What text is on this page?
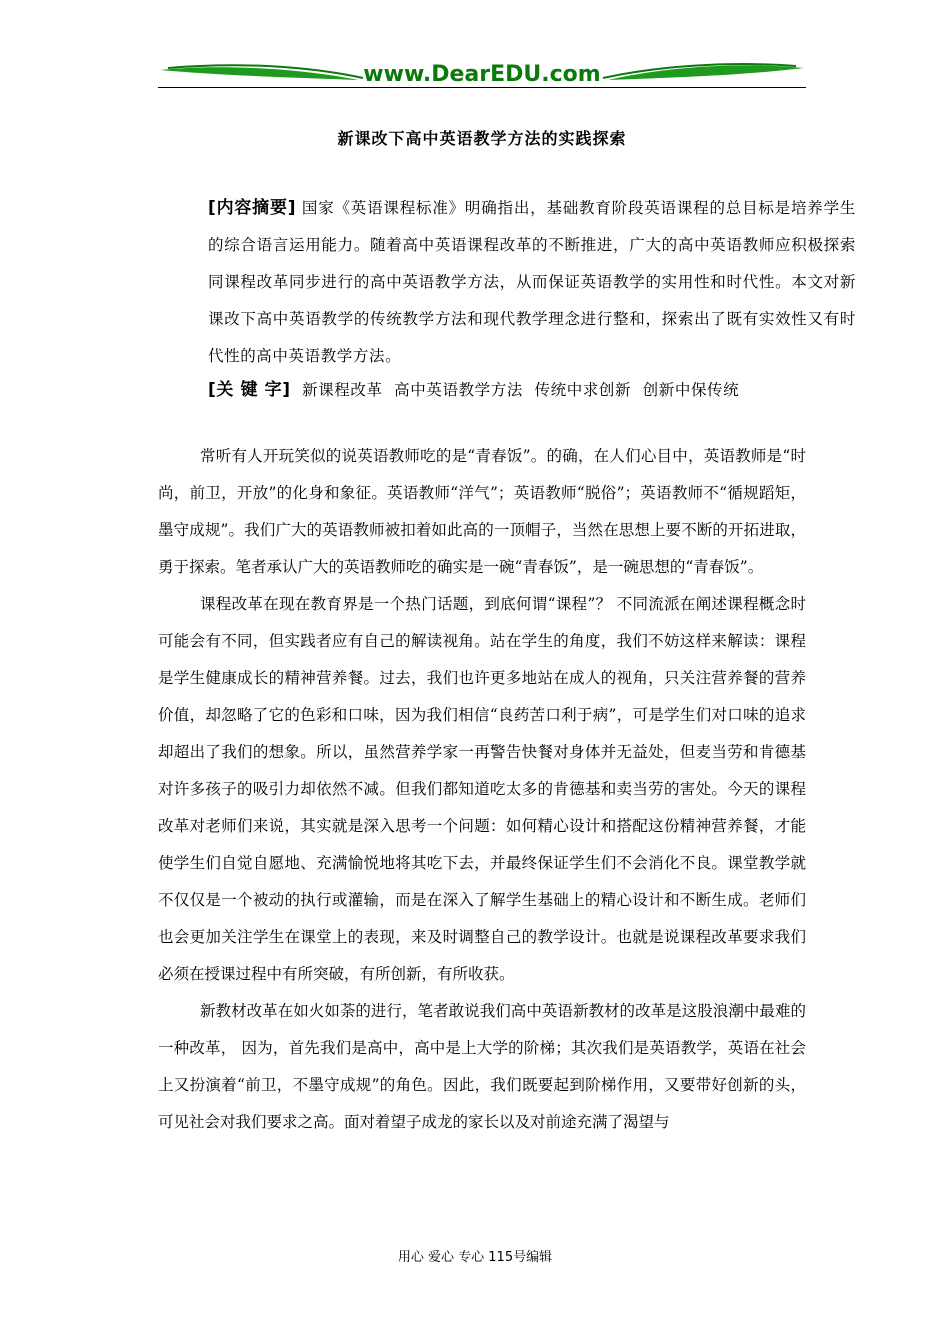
www.DearEDU.com
新课改下高中英语教学方法的实践探索
[内容摘要] 国家《英语课程标准》明确指出，基础教育阶段英语课程的总目标是培养学生的综合语言运用能力。随着高中英语课程改革的不断推进，广大的高中英语教师应积极探索同课程改革同步进行的高中英语教学方法，从而保证英语教学的实用性和时代性。本文对新课改下高中英语教学的传统教学方法和现代教学理念进行整和，探索出了既有实效性又有时代性的高中英语教学方法。
[关 键 字] 新课程改革 高中英语教学方法 传统中求创新 创新中保传统

常听有人开玩笑似的说英语教师吃的是“青春饭”。的确，在人们心目中，英语教师是“时尚，前卫，开放”的化身和象征。英语教师“洋气”；英语教师“脱俗”；英语教师不“循规蹈矩，墨守成规”。我们广大的英语教师被扣着如此高的一顶帽子，当然在思想上要不断的开拓进取，勇于探索。笔者承认广大的英语教师吃的确实是一碗“青春饭”，是一碗思想的“青春饭”。

课程改革在现在教育界是一个热门话题，到底何谓“课程”？ 不同流派在阐述课程概念时可能会有不同，但实践者应有自己的解读视角。站在学生的角度，我们不妨这样来解读：课程是学生健康成长的精神营养餐。过去，我们也许更多地站在成人的视角，只关注营养餐的营养价值，却忽略了它的色彩和口味，因为我们相信“良药苦口利于病”，可是学生们对口味的追求却超出了我们的想象。所以，虽然营养学家一再警告快餐对身体并无益处，但麦当劳和肯德基对许多孩子的吸引力却依然不减。但我们都知道吃太多的肯德基和卖当劳的害处。今天的课程改革对老师们来说，其实就是深入思考一个问题：如何精心设计和搭配这份精神营养餐，才能使学生们自觉自愿地、充满愉悦地将其吃下去，并最终保证学生们不会消化不良。课堂教学就不仅仅是一个被动的执行或灌输，而是在深入了解学生基础上的精心设计和不断生成。老师们也会更加关注学生在课堂上的表现，来及时调整自己的教学设计。也就是说课程改革要求我们必须在授课过程中有所突破，有所创新，有所收获。

新教材改革在如火如荼的进行，笔者敢说我们高中英语新教材的改革是这股浪潮中最难的一种改革， 因为，首先我们是高中，高中是上大学的阶梯；其次我们是英语教学，英语在社会上又扮演着“前卫，不墨守成规”的角色。因此，我们既要起到阶梯作用，又要带好创新的头，可见社会对我们要求之高。面对着望子成龙的家长以及对前途充满了渴望与

用心 爱心 专心 115号编辑
